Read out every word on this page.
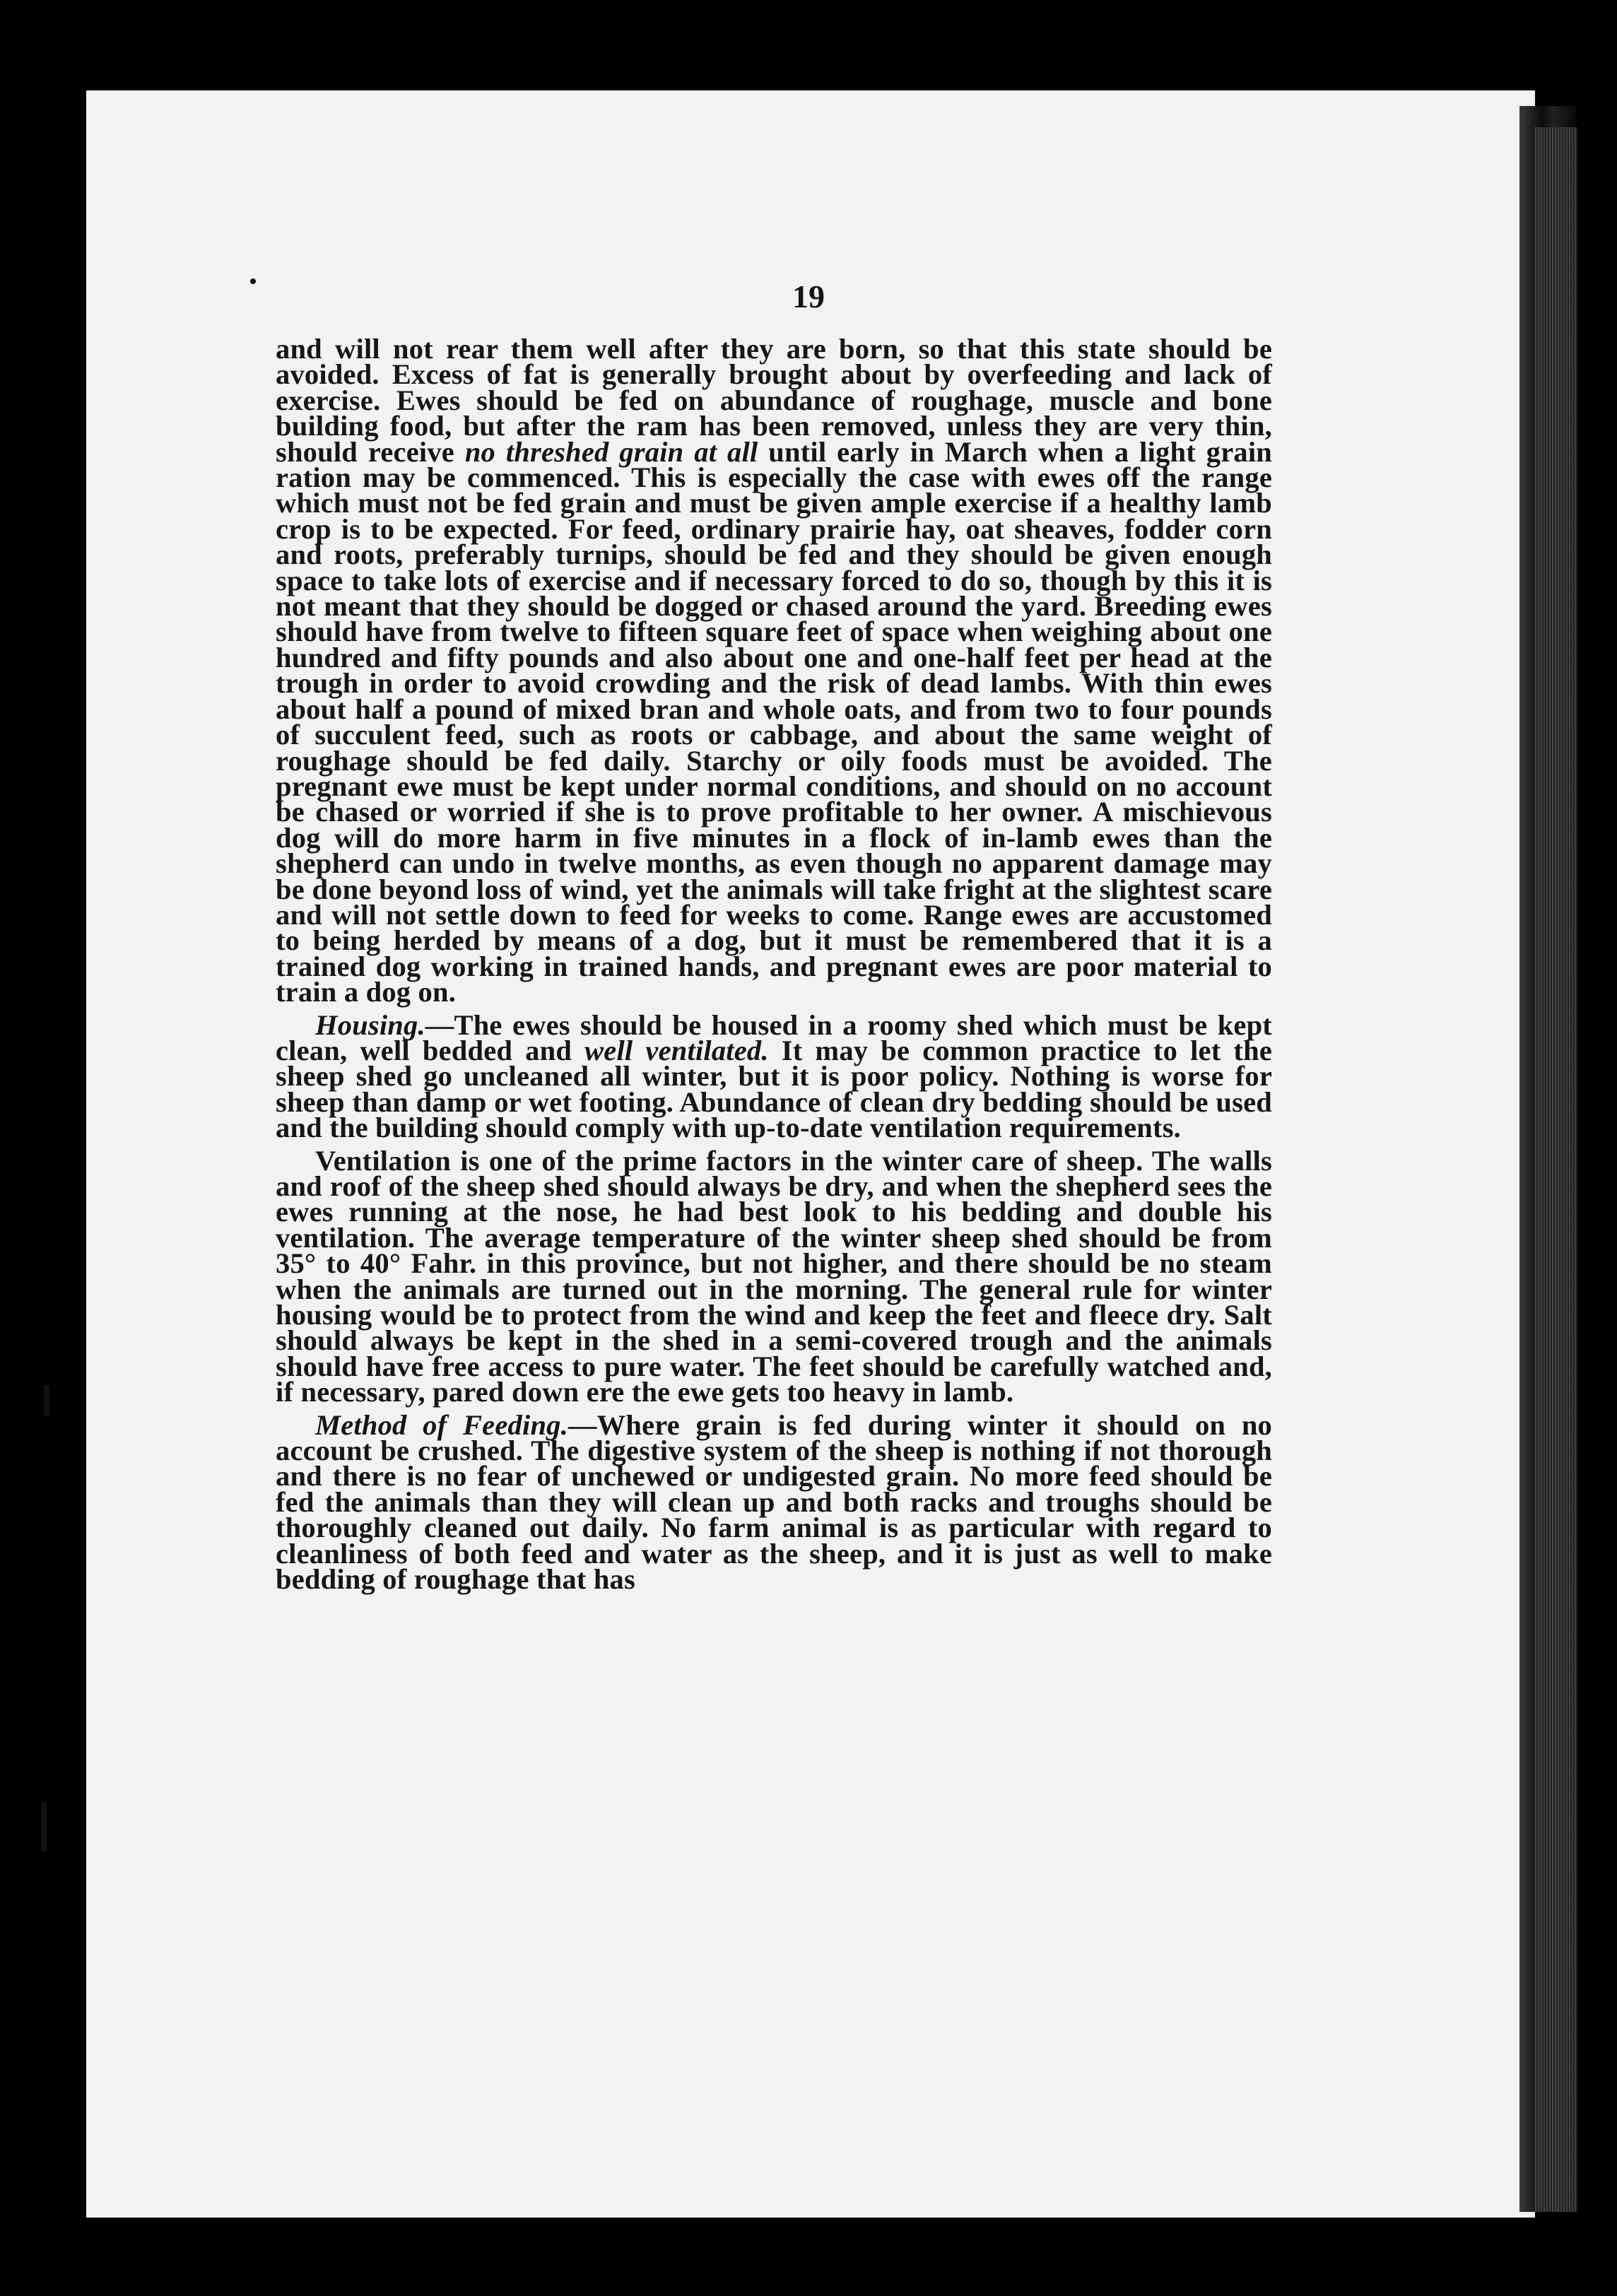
19

and will not rear them well after they are born, so that this state should be avoided. Excess of fat is generally brought about by overfeeding and lack of exercise. Ewes should be fed on abundance of roughage, muscle and bone building food, but after the ram has been removed, unless they are very thin, should receive no threshed grain at all until early in March when a light grain ration may be commenced. This is especially the case with ewes off the range which must not be fed grain and must be given ample exercise if a healthy lamb crop is to be expected. For feed, ordinary prairie hay, oat sheaves, fodder corn and roots, preferably turnips, should be fed and they should be given enough space to take lots of exercise and if necessary forced to do so, though by this it is not meant that they should be dogged or chased around the yard. Breeding ewes should have from twelve to fifteen square feet of space when weighing about one hundred and fifty pounds and also about one and one-half feet per head at the trough in order to avoid crowding and the risk of dead lambs. With thin ewes about half a pound of mixed bran and whole oats, and from two to four pounds of succulent feed, such as roots or cabbage, and about the same weight of roughage should be fed daily. Starchy or oily foods must be avoided. The pregnant ewe must be kept under normal conditions, and should on no account be chased or worried if she is to prove profitable to her owner. A mischievous dog will do more harm in five minutes in a flock of in-lamb ewes than the shepherd can undo in twelve months, as even though no apparent damage may be done beyond loss of wind, yet the animals will take fright at the slightest scare and will not settle down to feed for weeks to come. Range ewes are accustomed to being herded by means of a dog, but it must be remembered that it is a trained dog working in trained hands, and pregnant ewes are poor material to train a dog on.

Housing.—The ewes should be housed in a roomy shed which must be kept clean, well bedded and well ventilated. It may be common practice to let the sheep shed go uncleaned all winter, but it is poor policy. Nothing is worse for sheep than damp or wet footing. Abundance of clean dry bedding should be used and the building should comply with up-to-date ventilation requirements.

Ventilation is one of the prime factors in the winter care of sheep. The walls and roof of the sheep shed should always be dry, and when the shepherd sees the ewes running at the nose, he had best look to his bedding and double his ventilation. The average temperature of the winter sheep shed should be from 35° to 40° Fahr. in this province, but not higher, and there should be no steam when the animals are turned out in the morning. The general rule for winter housing would be to protect from the wind and keep the feet and fleece dry. Salt should always be kept in the shed in a semi-covered trough and the animals should have free access to pure water. The feet should be carefully watched and, if necessary, pared down ere the ewe gets too heavy in lamb.

Method of Feeding.—Where grain is fed during winter it should on no account be crushed. The digestive system of the sheep is nothing if not thorough and there is no fear of unchewed or undigested grain. No more feed should be fed the animals than they will clean up and both racks and troughs should be thoroughly cleaned out daily. No farm animal is as particular with regard to cleanliness of both feed and water as the sheep, and it is just as well to make bedding of roughage that has
